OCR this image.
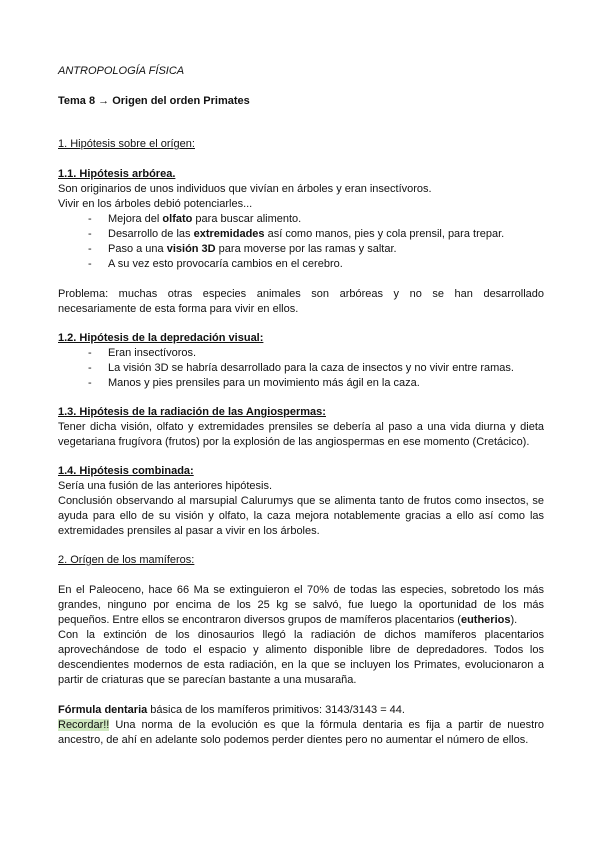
ANTROPOLOGÍA FÍSICA
Tema 8 → Origen del orden Primates
1. Hipótesis sobre el orígen:
1.1. Hipótesis arbórea.
Son originarios de unos individuos que vivían en árboles y eran insectívoros.
Vivir en los árboles debió potenciarles...
- Mejora del olfato para buscar alimento.
- Desarrollo de las extremidades así como manos, pies y cola prensil, para trepar.
- Paso a una visión 3D para moverse por las ramas y saltar.
- A su vez esto provocaría cambios en el cerebro.
Problema: muchas otras especies animales son arbóreas y no se han desarrollado
necesariamente de esta forma para vivir en ellos.
1.2. Hipótesis de la depredación visual:
- Eran insectívoros.
- La visión 3D se habría desarrollado para la caza de insectos y no vivir entre ramas.
- Manos y pies prensiles para un movimiento más ágil en la caza.
1.3. Hipótesis de la radiación de las Angiospermas:
Tener dicha visión, olfato y extremidades prensiles se debería al paso a una vida diurna y dieta
vegetariana frugívora (frutos) por la explosión de las angiospermas en ese momento (Cretácico).
1.4. Hipótesis combinada:
Sería una fusión de las anteriores hipótesis.
Conclusión observando al marsupial Calurumys que se alimenta tanto de frutos como insectos, se
ayuda para ello de su visión y olfato, la caza mejora notablemente gracias a ello así como las
extremidades prensiles al pasar a vivir en los árboles.
2. Orígen de los mamíferos:
En el Paleoceno, hace 66 Ma se extinguieron el 70% de todas las especies, sobretodo los más
grandes, ninguno por encima de los 25 kg se salvó, fue luego la oportunidad de los más
pequeños. Entre ellos se encontraron diversos grupos de mamíferos placentarios (eutherios).
Con la extinción de los dinosaurios llegó la radiación de dichos mamíferos placentarios
aprovechándose de todo el espacio y alimento disponible libre de depredadores. Todos los
descendientes modernos de esta radiación, en la que se incluyen los Primates, evolucionaron a
partir de criaturas que se parecían bastante a una musaraña.
Fórmula dentaria básica de los mamíferos primitivos: 3143/3143 = 44.
Recordar!! Una norma de la evolución es que la fórmula dentaria es fija a partir de nuestro
ancestro, de ahí en adelante solo podemos perder dientes pero no aumentar el número de ellos.
